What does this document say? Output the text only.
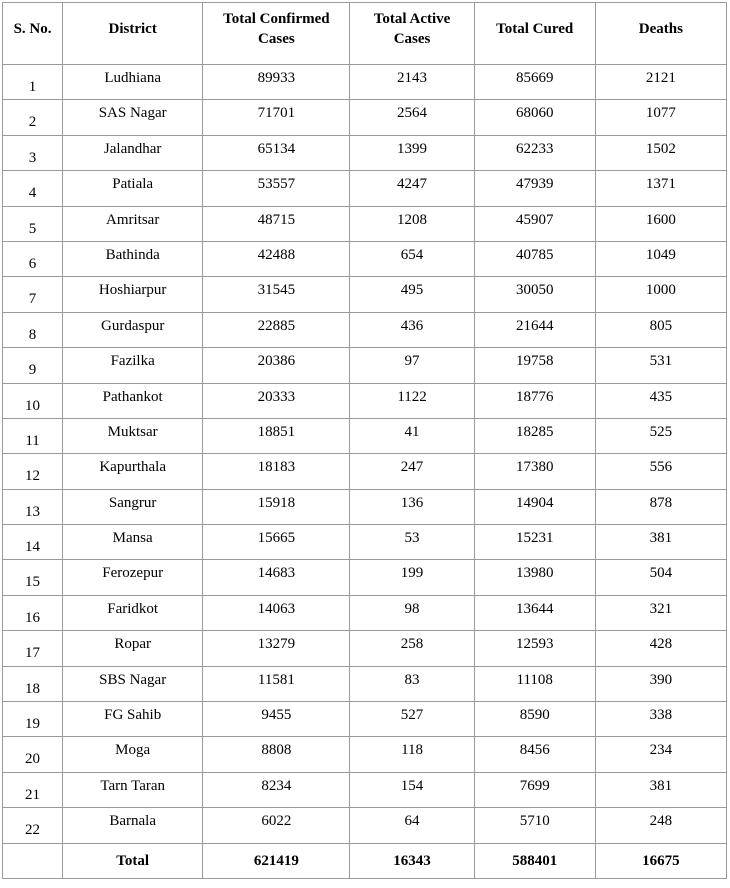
S. No.	District	Total Confirmed Cases	Total Active Cases	Total Cured	Deaths
1	Ludhiana	89933	2143	85669	2121
2	SAS Nagar	71701	2564	68060	1077
3	Jalandhar	65134	1399	62233	1502
4	Patiala	53557	4247	47939	1371
5	Amritsar	48715	1208	45907	1600
6	Bathinda	42488	654	40785	1049
7	Hoshiarpur	31545	495	30050	1000
8	Gurdaspur	22885	436	21644	805
9	Fazilka	20386	97	19758	531
10	Pathankot	20333	1122	18776	435
11	Muktsar	18851	41	18285	525
12	Kapurthala	18183	247	17380	556
13	Sangrur	15918	136	14904	878
14	Mansa	15665	53	15231	381
15	Ferozepur	14683	199	13980	504
16	Faridkot	14063	98	13644	321
17	Ropar	13279	258	12593	428
18	SBS Nagar	11581	83	11108	390
19	FG Sahib	9455	527	8590	338
20	Moga	8808	118	8456	234
21	Tarn Taran	8234	154	7699	381
22	Barnala	6022	64	5710	248
	Total	621419	16343	588401	16675
